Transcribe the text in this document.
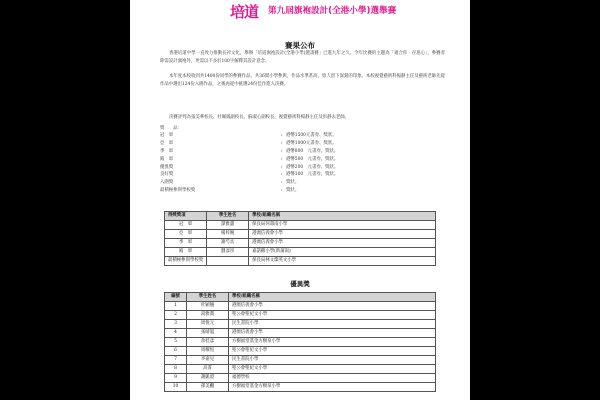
培道 第九屆旗袍設計(全港小學)選舉賽
賽果公布

香港培道中學一直致力推動長衫文化，舉辦「培道旗袍設計(全港小學)邀請賽」已進九年之久。今年比賽的主題為「適合你‧存思心」，參賽者除需設計旗袍外，更需以不多於100字解釋其設計意念。

本年度本校收到共1400份同學的參賽作品，共36間小學參與，作品水準甚高，給人留下深刻的印象。本校視覺藝術科楊靜主任及藝術老師先從作品中選出124份入圍作品，之後再從中挑選24份佳作進入決賽。

決賽評判為張美華校長、杜佩鳳副校長、蘇淑心副校長、視覺藝術科楊靜主任及彭靜去老師。

獎　　品：
冠　軍	: 港幣1500元書券、獎狀。
亞　軍	: 港幣1000元書券、獎狀。
季　軍	: 港幣800　元書券、獎狀。
殿　軍	: 港幣500　元書券、獎狀。
優異獎	: 港幣200　元書券、獎狀。
良好獎	: 港幣100　元書券、獎狀。
入圍獎	: 獎狀。
最積極參與學校獎	: 獎狀。
得獎獎項	學生姓名	學校/組織名稱
冠　軍	譚雅蕙	保良局何壽南小學
亞　軍	楊梓婉	港澳信義會小學
季　軍	謝芍丞	港澳信義會小學
殿　軍	劉彥彤	嘉諾撒小學(新蒲崗)
最積極參與學校獎		保良局林文燦英文小學
優異獎
編號	學生姓名	學校/組織名稱
1	杜穎翹	港澳信義會小學
2	湯雅喬	聖公會聖紀文小學
3	周悅元	民生書院小學
4	張晴嵐	港澳信義會小學
5	余桂彥	方樹福堂基金方樹泉小學
6	周耀恆	聖公會聖紀文小學
7	李嘉兒	民生書院小學
8	高菁	聖公會聖紀文小學
9	謝凱澄	福德學校
10	孫美颺	方樹福堂基金方樹泉小學
